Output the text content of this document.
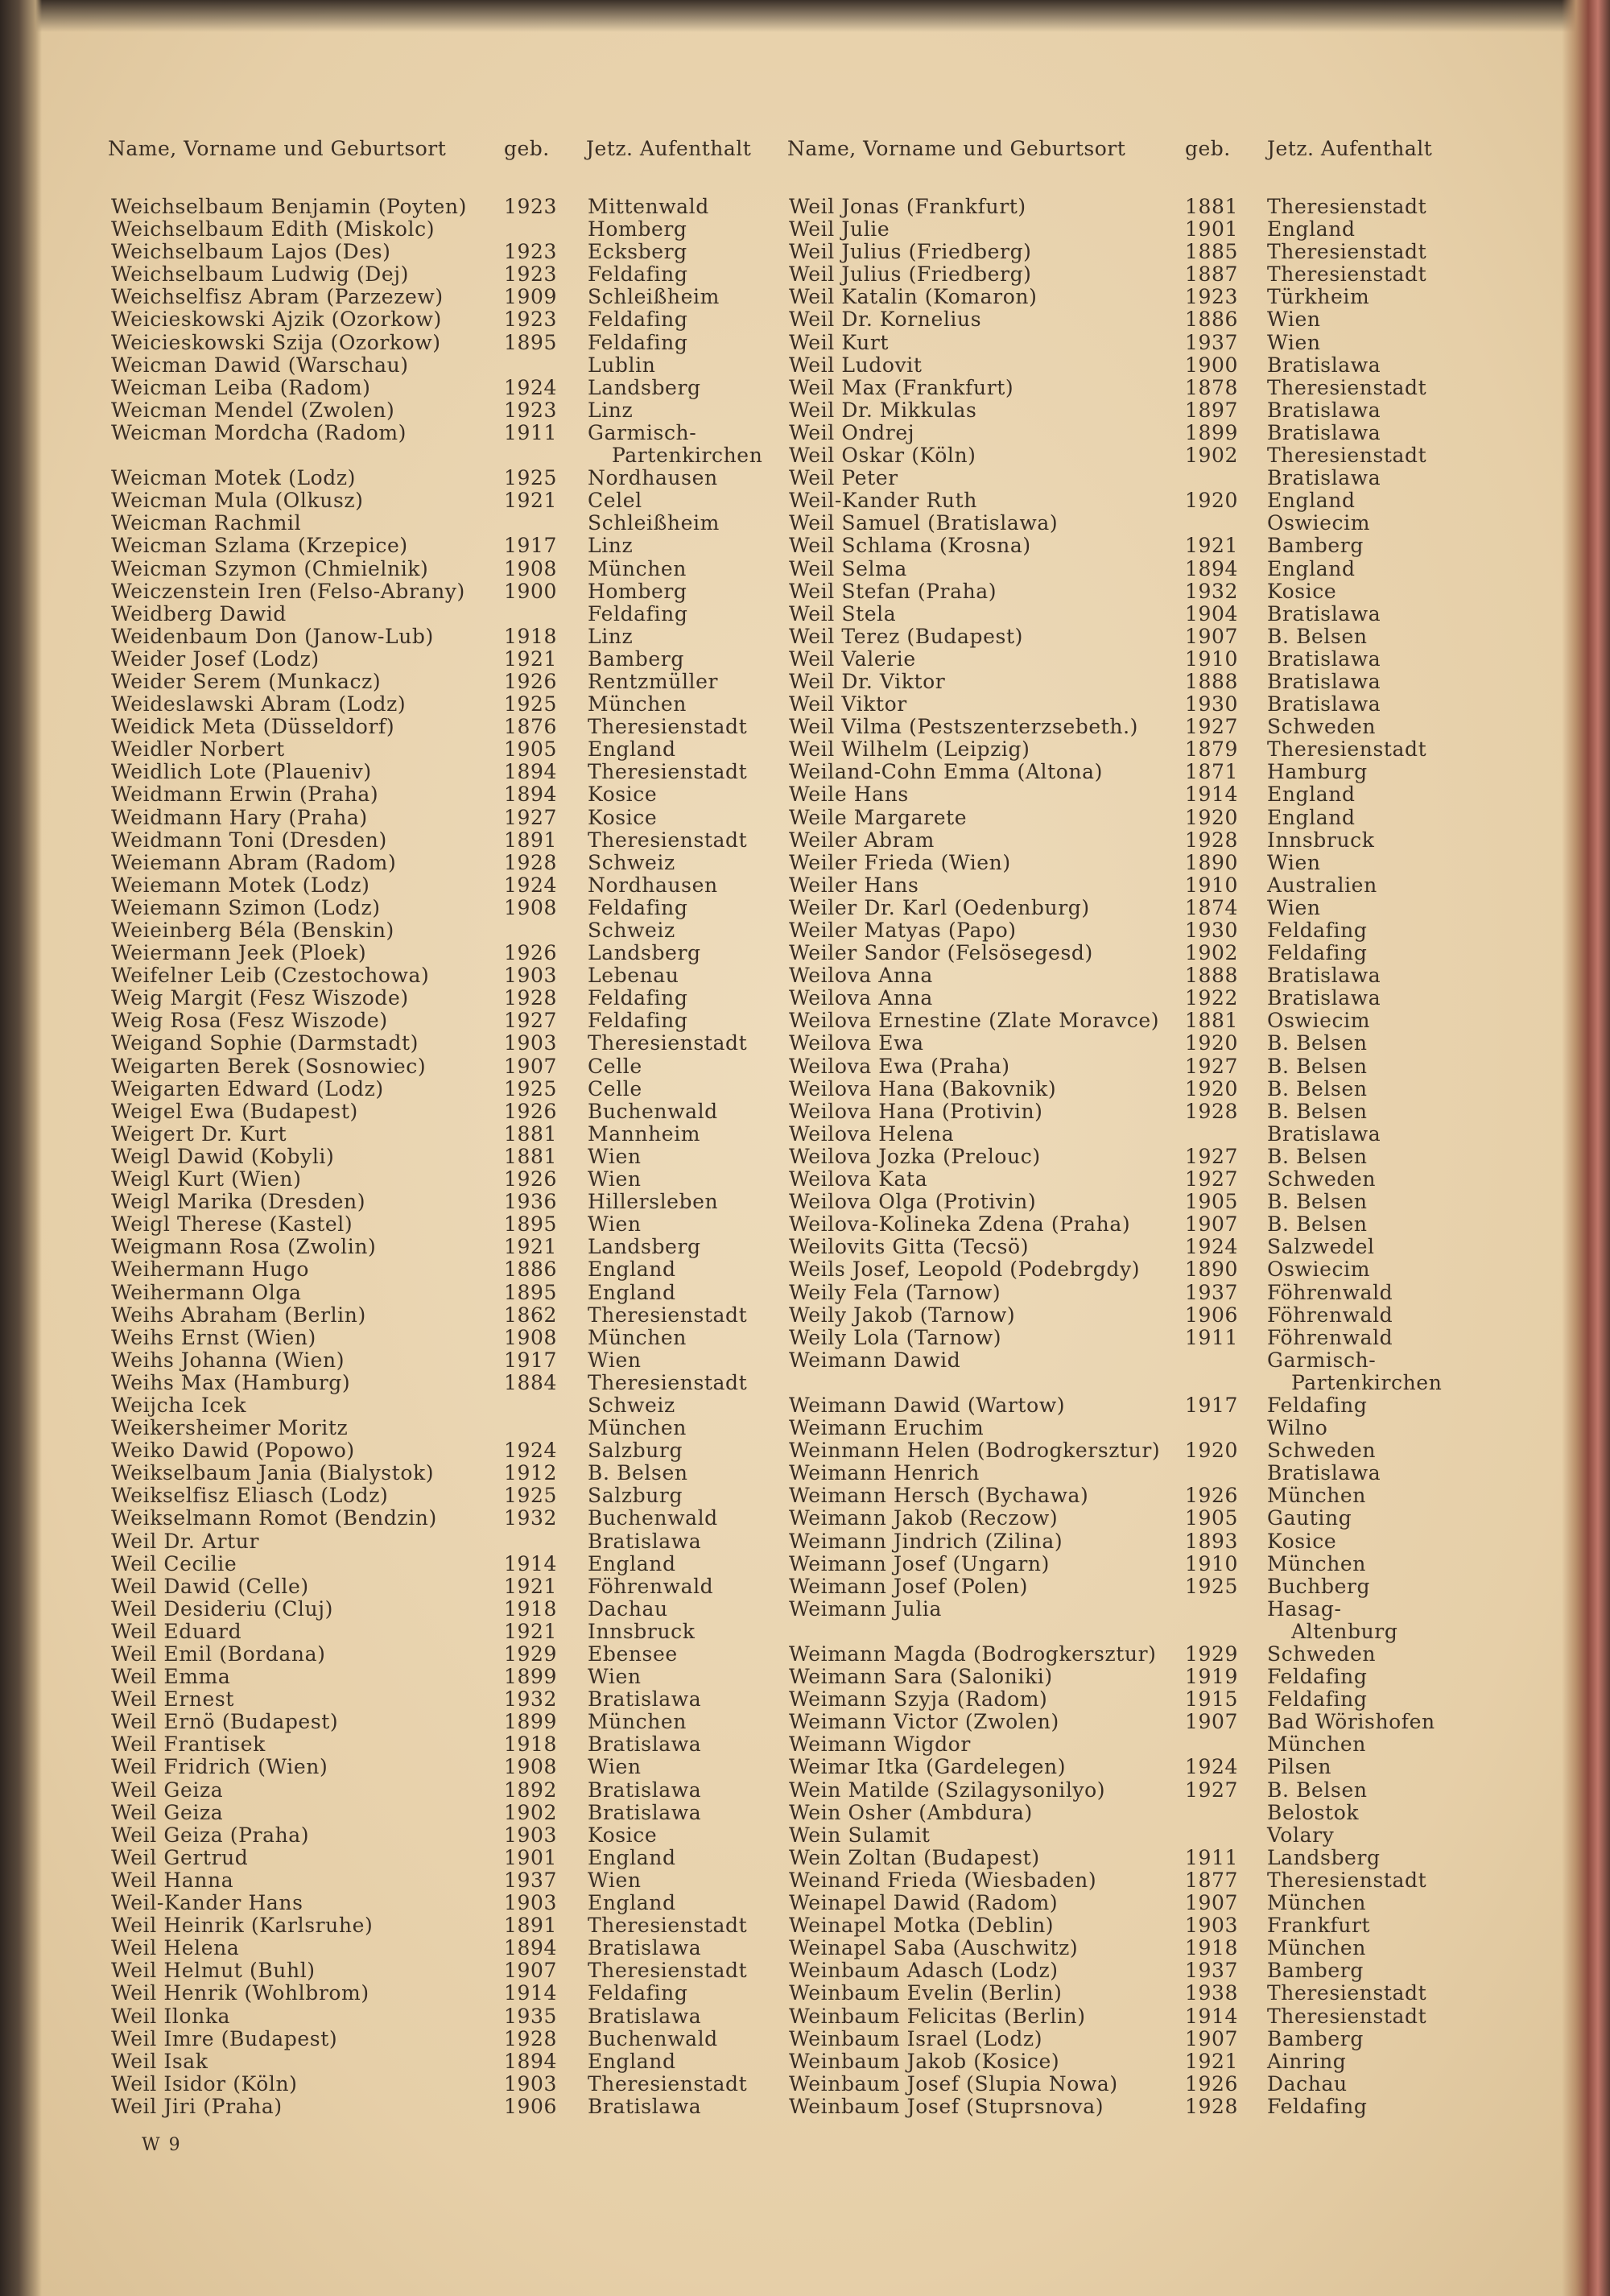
Name, Vorname und Geburtsort	geb. Jetz. Aufenthalt Name, Vorname und Geburtsort	geb. Jetz. Aufenthalt
Weichselbaum Benjamin (Poyten) 1923 Mittenwald
Weichselbaum Edith (Miskolc)	Homberg
Weichselbaum Lajos (Des)	1923 Ecksberg
Weichselbaum Ludwig (Dej)	1923 Feldafing
Weichselfisz Abram (Parzezew)	1909 Schleißheim
Weicieskowski Ajzik (Ozorkow)	1923 Feldafing
Weicieskowski Szija (Ozorkow)	1895 Feldafing
Weicman Dawid (Warschau)	Lublin
Weicman Leiba (Radom)	1924 Landsberg
Weicman Mendel (Zwolen)	1923 Linz
Weicman Mordcha (Radom)	1911 Garmisch-
Partenkirchen
Weicman Motek (Lodz)	1925 Nordhausen
Weicman Mula (Olkusz)	1921 Celel
Weicman Rachmil	Schleißheim
Weicman Szlama (Krzepice)	1917 Linz
Weicman Szymon (Chmielnik)	1908 München
Weiczenstein Iren (Felso-Abrany) 1900 Homberg
Weidberg Dawid	Feldafing
Weidenbaum Don (Janow-Lub)	1918 Linz
Weider Josef (Lodz)	1921 Bamberg
Weider Serem (Munkacz)	1926 Rentzmüller
Weideslawski Abram (Lodz)	1925 München
Weidick Meta (Düsseldorf)	1876 Theresienstadt
Weidler Norbert	1905 England
Weidlich Lote (Plaueniv)	1894 Theresienstadt
Weidmann Erwin (Praha)	1894 Kosice
Weidmann Hary (Praha)	1927 Kosice
Weidmann Toni (Dresden)	1891 Theresienstadt
Weiemann Abram (Radom)	1928 Schweiz
Weiemann Motek (Lodz)	1924 Nordhausen
Weiemann Szimon (Lodz)	1908 Feldafing
Weieinberg Béla (Benskin)	Schweiz
Weiermann Jeek (Ploek)	1926 Landsberg
Weifelner Leib (Czestochowa)	1903 Lebenau
Weig Margit (Fesz Wiszode)	1928 Feldafing
Weig Rosa (Fesz Wiszode)	1927 Feldafing
Weigand Sophie (Darmstadt)	1903 Theresienstadt
Weigarten Berek (Sosnowiec)	1907 Celle
Weigarten Edward (Lodz)	1925 Celle
Weigel Ewa (Budapest)	1926 Buchenwald
Weigert Dr. Kurt	1881 Mannheim
Weigl Dawid (Kobyli)	1881 Wien
Weigl Kurt (Wien)	1926 Wien
Weigl Marika (Dresden)	1936 Hillersleben
Weigl Therese (Kastel)	1895 Wien
Weigmann Rosa (Zwolin)	1921 Landsberg
Weihermann Hugo	1886 England
Weihermann Olga	1895 England
Weihs Abraham (Berlin)	1862 Theresienstadt
Weihs Ernst (Wien)	1908 München
Weihs Johanna (Wien)	1917 Wien
Weihs Max (Hamburg)	1884 Theresienstadt
Weijcha Icek	Schweiz
Weikersheimer Moritz	München
Weiko Dawid (Popowo)	1924 Salzburg
Weikselbaum Jania (Bialystok)	1912 B. Belsen
Weikselfisz Eliasch (Lodz)	1925 Salzburg
Weikselmann Romot (Bendzin)	1932 Buchenwald
Weil Dr. Artur	Bratislawa
Weil Cecilie	1914 England
Weil Dawid (Celle)	1921 Föhrenwald
Weil Desideriu (Cluj)	1918 Dachau
Weil Eduard	1921 Innsbruck
Weil Emil (Bordana)	1929 Ebensee
Weil Emma	1899 Wien
Weil Ernest	1932 Bratislawa
Weil Ernö (Budapest)	1899 München
Weil Frantisek	1918 Bratislawa
Weil Fridrich (Wien)	1908 Wien
Weil Geiza	1892 Bratislawa
Weil Geiza	1902 Bratislawa
Weil Geiza (Praha)	1903 Kosice
Weil Gertrud	1901 England
Weil Hanna	1937 Wien
Weil-Kander Hans	1903 England
Weil Heinrik (Karlsruhe)	1891 Theresienstadt
Weil Helena	1894 Bratislawa
Weil Helmut (Buhl)	1907 Theresienstadt
Weil Henrik (Wohlbrom)	1914 Feldafing
Weil Ilonka	1935 Bratislawa
Weil Imre (Budapest)	1928 Buchenwald
Weil Isak	1894 England
Weil Isidor (Köln)	1903 Theresienstadt
Weil Jiri (Praha)	1906 Bratislawa
Weil Jonas (Frankfurt)	1881 Theresienstadt
Weil Julie	1901 England
Weil Julius (Friedberg)	1885 Theresienstadt
Weil Julius (Friedberg)	1887 Theresienstadt
Weil Katalin (Komaron)	1923 Türkheim
Weil Dr. Kornelius	1886 Wien
Weil Kurt	1937 Wien
Weil Ludovit	1900 Bratislawa
Weil Max (Frankfurt)	1878 Theresienstadt
Weil Dr. Mikkulas	1897 Bratislawa
Weil Ondrej	1899 Bratislawa
Weil Oskar (Köln)	1902 Theresienstadt
Weil Peter	Bratislawa
Weil-Kander Ruth	1920 England
Weil Samuel (Bratislawa)	Oswiecim
Weil Schlama (Krosna)	1921 Bamberg
Weil Selma	1894 England
Weil Stefan (Praha)	1932 Kosice
Weil Stela	1904 Bratislawa
Weil Terez (Budapest)	1907 B. Belsen
Weil Valerie	1910 Bratislawa
Weil Dr. Viktor	1888 Bratislawa
Weil Viktor	1930 Bratislawa
Weil Vilma (Pestszenterzsebeth.) 1927 Schweden
Weil Wilhelm (Leipzig)	1879 Theresienstadt
Weiland-Cohn Emma (Altona)	1871 Hamburg
Weile Hans	1914 England
Weile Margarete	1920 England
Weiler Abram	1928 Innsbruck
Weiler Frieda (Wien)	1890 Wien
Weiler Hans	1910 Australien
Weiler Dr. Karl (Oedenburg)	1874 Wien
Weiler Matyas (Papo)	1930 Feldafing
Weiler Sandor (Felsösegesd)	1902 Feldafing
Weilova Anna	1888 Bratislawa
Weilova Anna	1922 Bratislawa
Weilova Ernestine (Zlate Moravce) 1881 Oswiecim
Weilova Ewa	1920 B. Belsen
Weilova Ewa (Praha)	1927 B. Belsen
Weilova Hana (Bakovnik)	1920 B. Belsen
Weilova Hana (Protivin)	1928 B. Belsen
Weilova Helena	Bratislawa
Weilova Jozka (Prelouc)	1927 B. Belsen
Weilova Kata	1927 Schweden
Weilova Olga (Protivin)	1905 B. Belsen
Weilova-Kolineka Zdena (Praha)	1907 B. Belsen
Weilovits Gitta (Tecsö)	1924 Salzwedel
Weils Josef, Leopold (Podebrgdy) 1890 Oswiecim
Weily Fela (Tarnow)	1937 Föhrenwald
Weily Jakob (Tarnow)	1906 Föhrenwald
Weily Lola (Tarnow)	1911 Föhrenwald
Weimann Dawid	Garmisch-
Partenkirchen
Weimann Dawid (Wartow)	1917 Feldafing
Weimann Eruchim	Wilno
Weinmann Helen (Bodrogkersztur) 1920 Schweden
Weimann Henrich	Bratislawa
Weimann Hersch (Bychawa)	1926 München
Weimann Jakob (Reczow)	1905 Gauting
Weimann Jindrich (Zilina)	1893 Kosice
Weimann Josef (Ungarn)	1910 München
Weimann Josef (Polen)	1925 Buchberg
Weimann Julia	Hasag-
Altenburg
Weimann Magda (Bodrogkersztur) 1929 Schweden
Weimann Sara (Saloniki)	1919 Feldafing
Weimann Szyja (Radom)	1915 Feldafing
Weimann Victor (Zwolen)	1907 Bad Wörishofen
Weimann Wigdor	München
Weimar Itka (Gardelegen)	1924 Pilsen
Wein Matilde (Szilagysonilyo)	1927 B. Belsen
Wein Osher (Ambdura)	Belostok
Wein Sulamit	Volary
Wein Zoltan (Budapest)	1911 Landsberg
Weinand Frieda (Wiesbaden)	1877 Theresienstadt
Weinapel Dawid (Radom)	1907 München
Weinapel Motka (Deblin)	1903 Frankfurt
Weinapel Saba (Auschwitz)	1918 München
Weinbaum Adasch (Lodz)	1937 Bamberg
Weinbaum Evelin (Berlin)	1938 Theresienstadt
Weinbaum Felicitas (Berlin)	1914 Theresienstadt
Weinbaum Israel (Lodz)	1907 Bamberg
Weinbaum Jakob (Kosice)	1921 Ainring
Weinbaum Josef (Slupia Nowa)	1926 Dachau
Weinbaum Josef (Stuprsnova)	1928 Feldafing
W 9
